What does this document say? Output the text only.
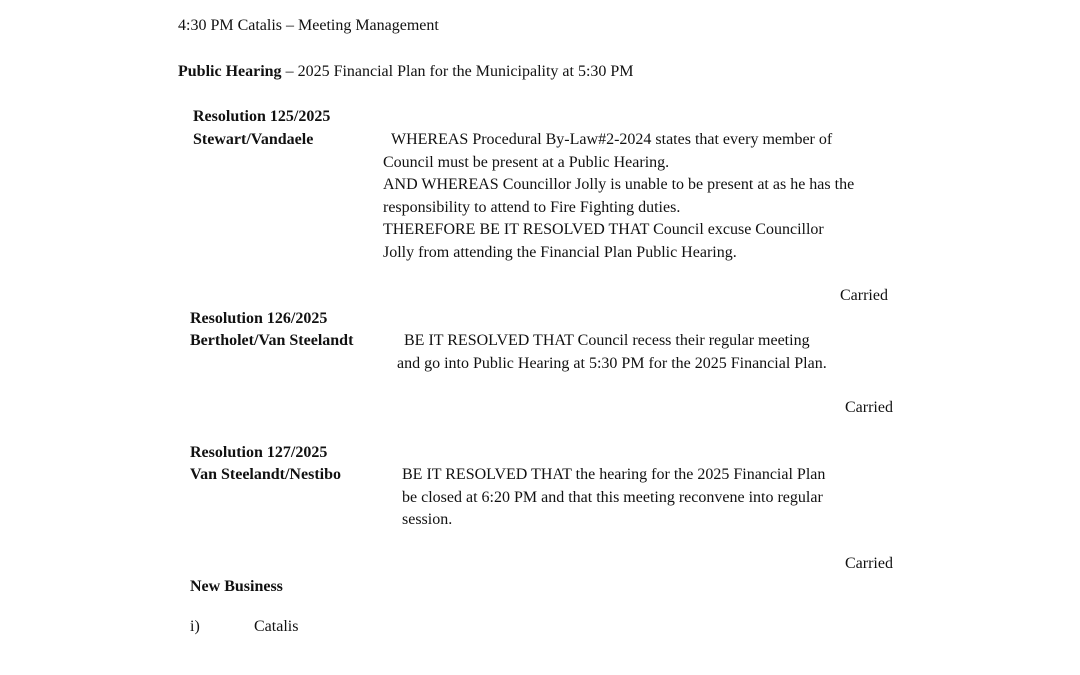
4:30 PM Catalis – Meeting Management
Public Hearing – 2025 Financial Plan for the Municipality at 5:30 PM
Resolution 125/2025
Stewart/Vandaele	WHEREAS Procedural By-Law#2-2024 states that every member of
Council must be present at a Public Hearing.
AND WHEREAS Councillor Jolly is unable to be present at as he has the
responsibility to attend to Fire Fighting duties.
THEREFORE BE IT RESOLVED THAT Council excuse Councillor
Jolly from attending the Financial Plan Public Hearing.
Carried
Resolution 126/2025
Bertholet/Van Steelandt	BE IT RESOLVED THAT Council recess their regular meeting
and go into Public Hearing at 5:30 PM for the 2025 Financial Plan.
Carried
Resolution 127/2025
Van Steelandt/Nestibo	BE IT RESOLVED THAT the hearing for the 2025 Financial Plan
be closed at 6:20 PM and that this meeting reconvene into regular
session.
Carried
New Business
i)	Catalis
